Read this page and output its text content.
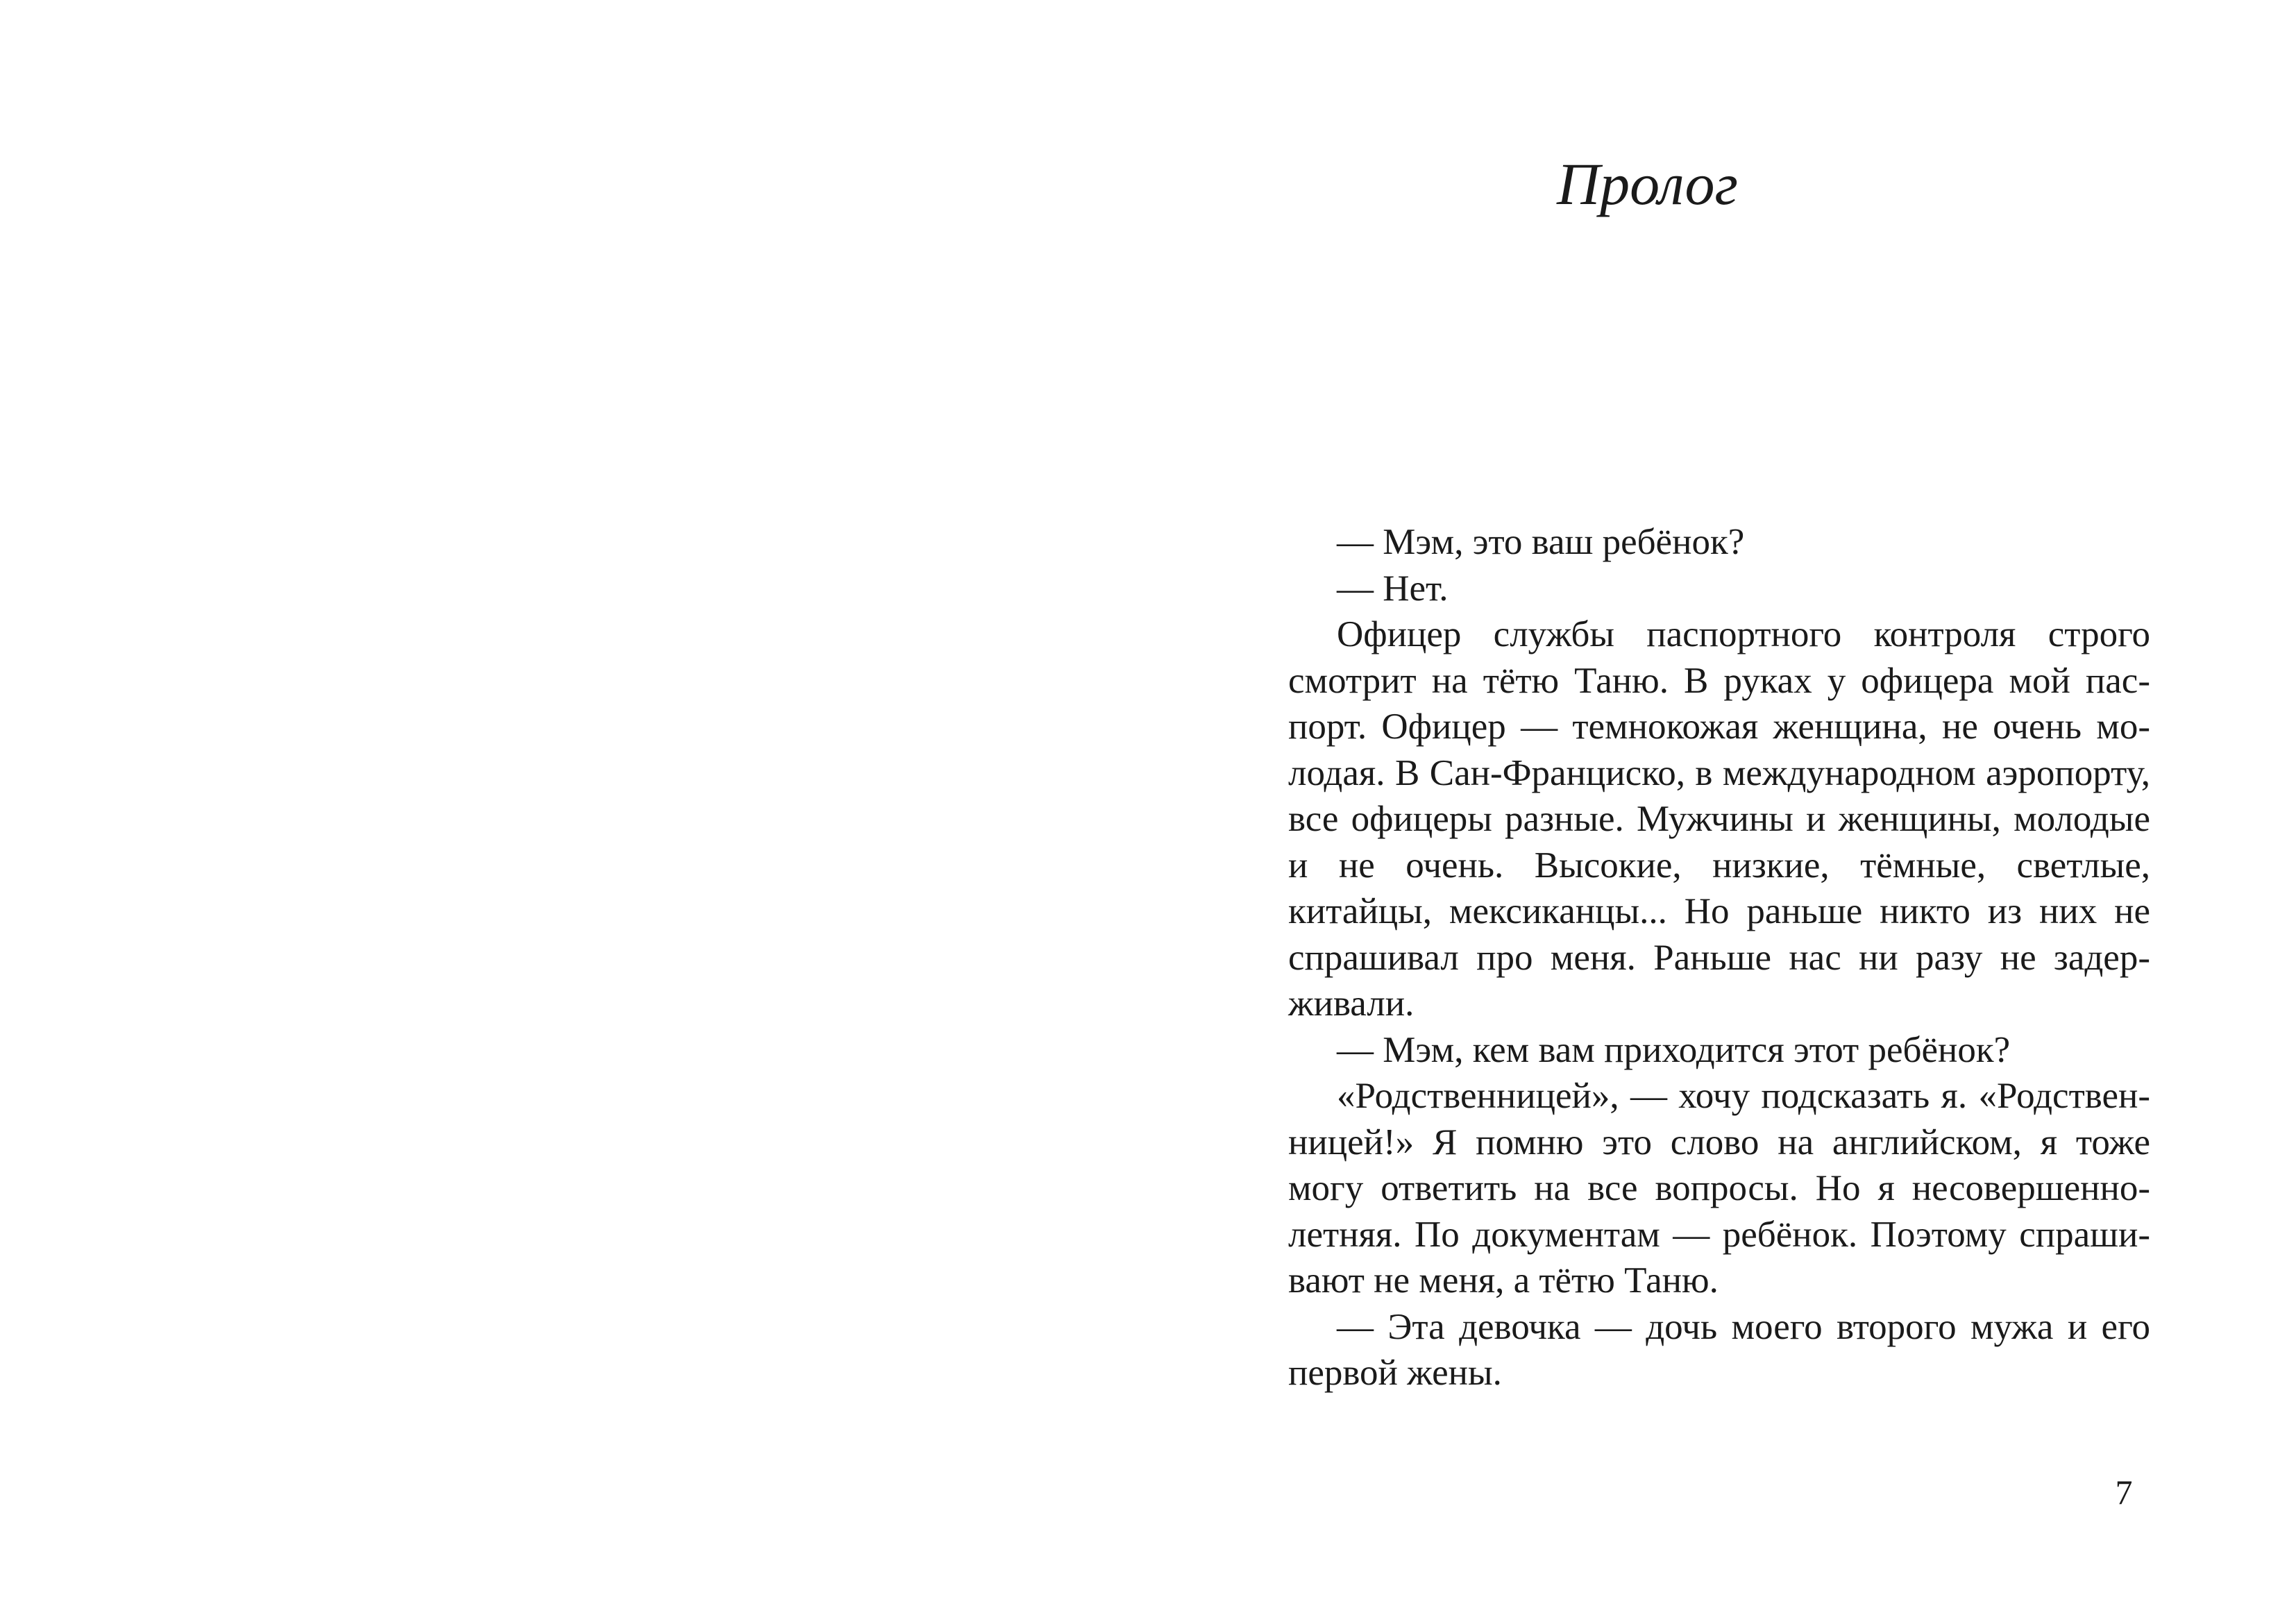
Пролог

— Мэм, это ваш ребёнок?

— Нет.

Офицер службы паспортного контроля строго смотрит на тётю Таню. В руках у офицера мой паспорт. Офицер — темнокожая женщина, не очень молодая. В Сан-Франциско, в международном аэропорту, все офицеры разные. Мужчины и женщины, молодые и не очень. Высокие, низкие, тёмные, светлые, китайцы, мексиканцы... Но раньше никто из них не спрашивал про меня. Раньше нас ни разу не задерживали.

— Мэм, кем вам приходится этот ребёнок?

«Родственницей», — хочу подсказать я. «Родственницей!» Я помню это слово на английском, я тоже могу ответить на все вопросы. Но я несовершеннолетняя. По документам — ребёнок. Поэтому спрашивают не меня, а тётю Таню.

— Эта девочка — дочь моего второго мужа и его первой жены.

7
